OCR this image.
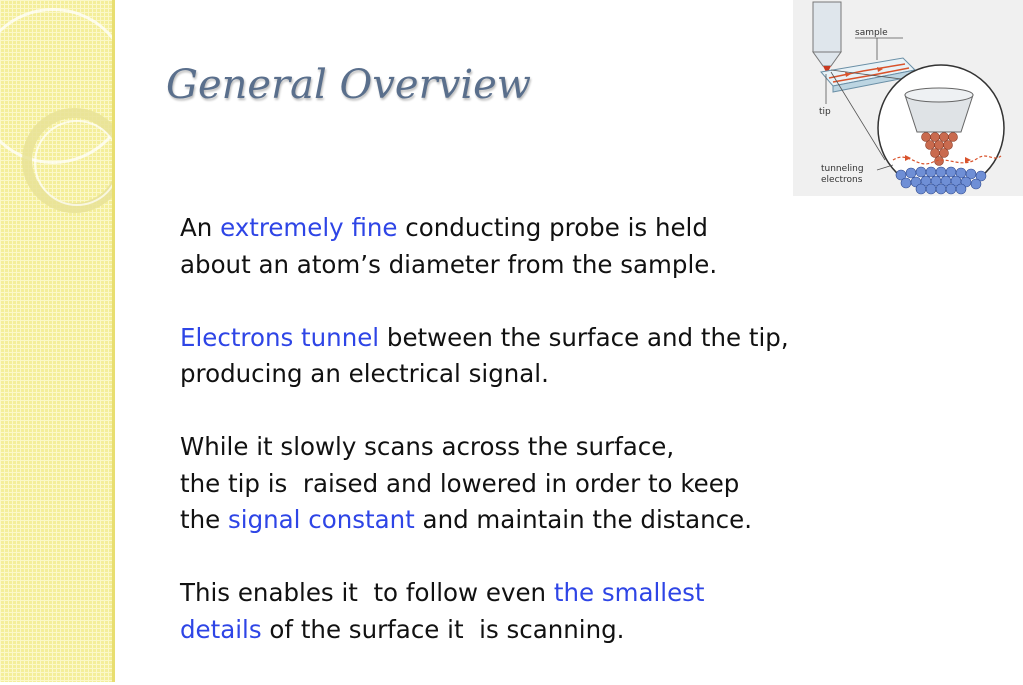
General Overview

An extremely fine conducting probe is held
about an atom’s diameter from the sample.

Electrons tunnel between the surface and the tip,
producing an electrical signal.

While it slowly scans across the surface,
the tip is  raised and lowered in order to keep
the signal constant and maintain the distance.

This enables it  to follow even the smallest
details of the surface it  is scanning.

sample
tip
tunneling
electrons
